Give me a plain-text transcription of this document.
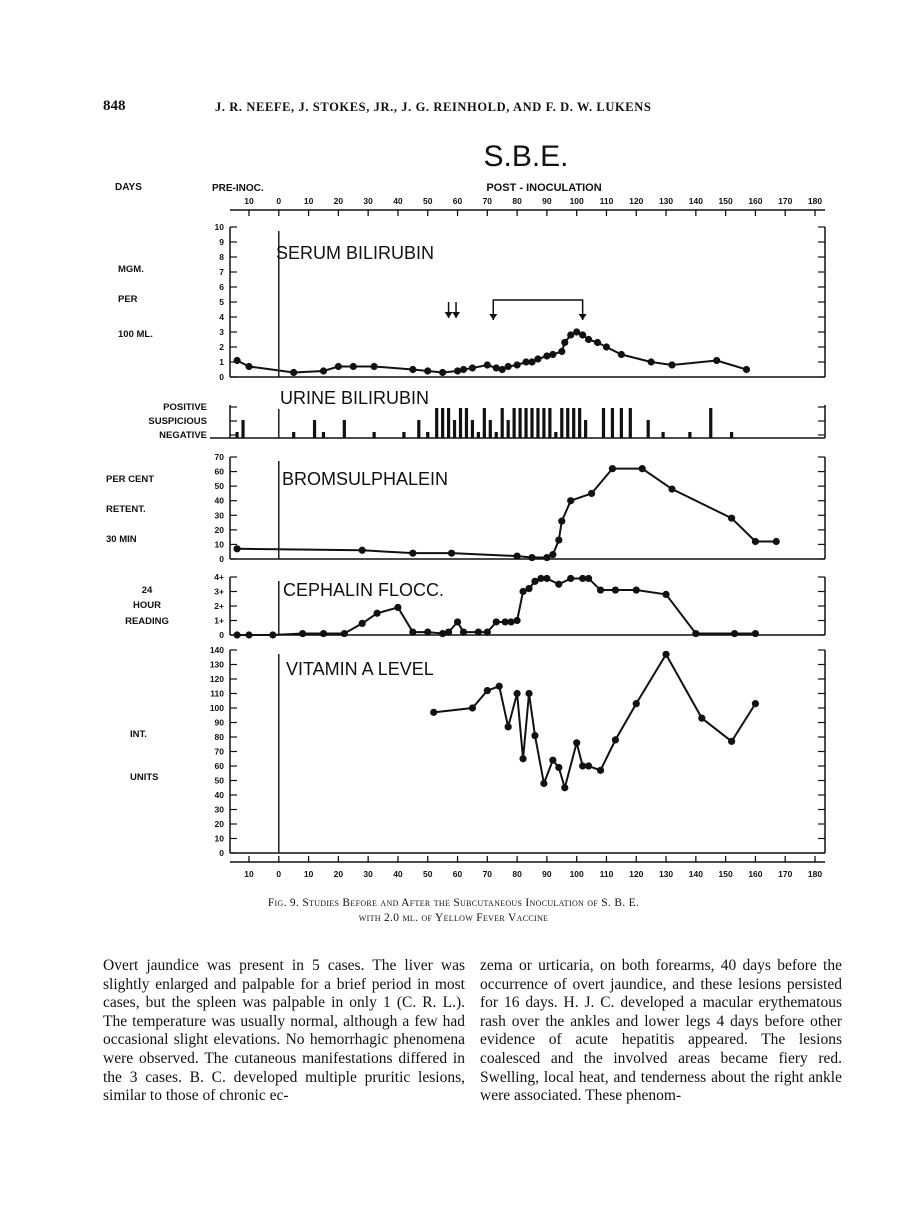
848	J. R. NEEFE, J. STOKES, JR., J. G. REINHOLD, AND F. D. W. LUKENS
S.B.E.
DAYS	PRE-INOC.	POST - INOCULATION
10	0	10 20 30 40 50 60 70 80 90 100 110 120 130 140 150 160 170 180
10	0	10 20 30 40 50 60 70 80 90 100 110 120 130 140 150 160 170 180
10
9
8
7
6
5
4
3
2
1
0
MGM.
PER
100 ML.
SERUM BILIRUBIN
POSITIVE
SUSPICIOUS
NEGATIVE
URINE BILIRUBIN
70
60
50
40
30
20
10
0
PER CENT
RETENT.
30 MIN
BROMSULPHALEIN
4+
3+
2+
1+
0
24
HOUR
READING
CEPHALIN FLOCC.
140
130
120
110
100
90
80
70
60
50
40
30
20
10
0
INT.
UNITS
VITAMIN A LEVEL
Fig. 9. Studies Before and After the Subcutaneous Inoculation of S. B. E.
with 2.0 ml. of Yellow Fever Vaccine
Overt jaundice was present in 5 cases. The liver was slightly enlarged and palpable for a brief period in most cases, but the spleen was palpable in only 1 (C. R. L.). The temperature was usually normal, although a few had occasional slight elevations. No hemorrhagic phenomena were observed. The cutaneous manifestations differed in the 3 cases. B. C. developed multiple pruritic lesions, similar to those of chronic ec-
zema or urticaria, on both forearms, 40 days before the occurrence of overt jaundice, and these lesions persisted for 16 days. H. J. C. developed a macular erythematous rash over the ankles and lower legs 4 days before other evidence of acute hepatitis appeared. The lesions coalesced and the involved areas became fiery red. Swelling, local heat, and tenderness about the right ankle were associated. These phenom-
